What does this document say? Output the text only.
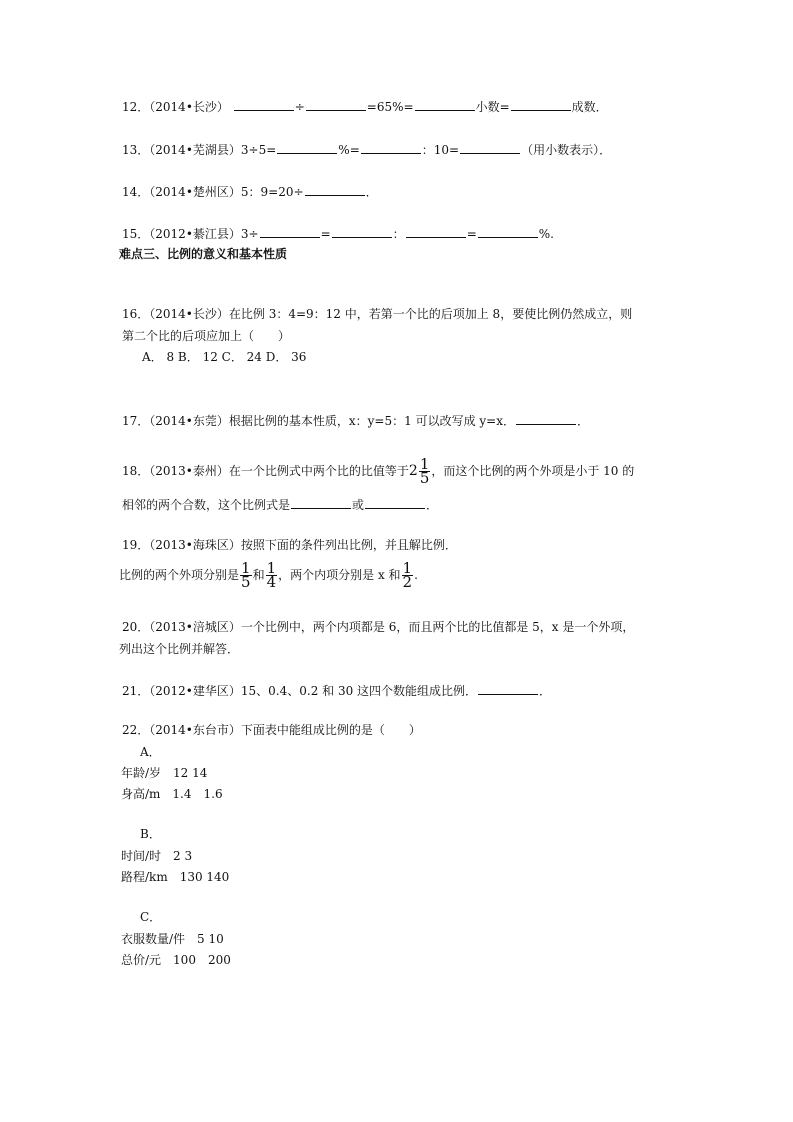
12．（2014•长沙）	÷	=65%=	小数=	成数．
13．（2014•芜湖县）3÷5=	%=	：10=	（用小数表示）．
14．（2014•楚州区）5：9=20÷	．
15．（2012•綦江县）3÷	=	：	=	%.
难点三、比例的意义和基本性质
16．（2014•长沙）在比例 3：4=9：12 中，若第一个比的后项加上 8，要使比例仍然成立，则
第二个比的后项应加上（　　）
A． 8 B． 12 C． 24 D． 36
17．（2014•东莞）根据比例的基本性质，x：y=5：1 可以改写成 y=x．	．
18．（2013•泰州）在一个比例式中两个比的比值等于$2 \frac{1}{5}$ ，而这个比例的两个外项是小于 10 的
相邻的两个合数，这个比例式是	或	．
19．（2013•海珠区）按照下面的条件列出比例，并且解比例．
比例的两个外项分别是 $\frac{1}{5}$ 和 $\frac{1}{4}$ ，两个内项分别是 x 和 $\frac{1}{2}$ .
20．（2013•涪城区）一个比例中，两个内项都是 6，而且两个比的比值都是 5，x 是一个外项，
列出这个比例并解答．
21．（2012•建华区）15、0.4、0.2 和 30 这四个数能组成比例．	．
22．（2014•东台市）下面表中能组成比例的是（　　）
A．
年龄/岁　12 14
身高/m　1.4　1.6
B．
时间/时　2 3
路程/km　130 140
C．
衣服数量/件　5 10
总价/元　100　200
